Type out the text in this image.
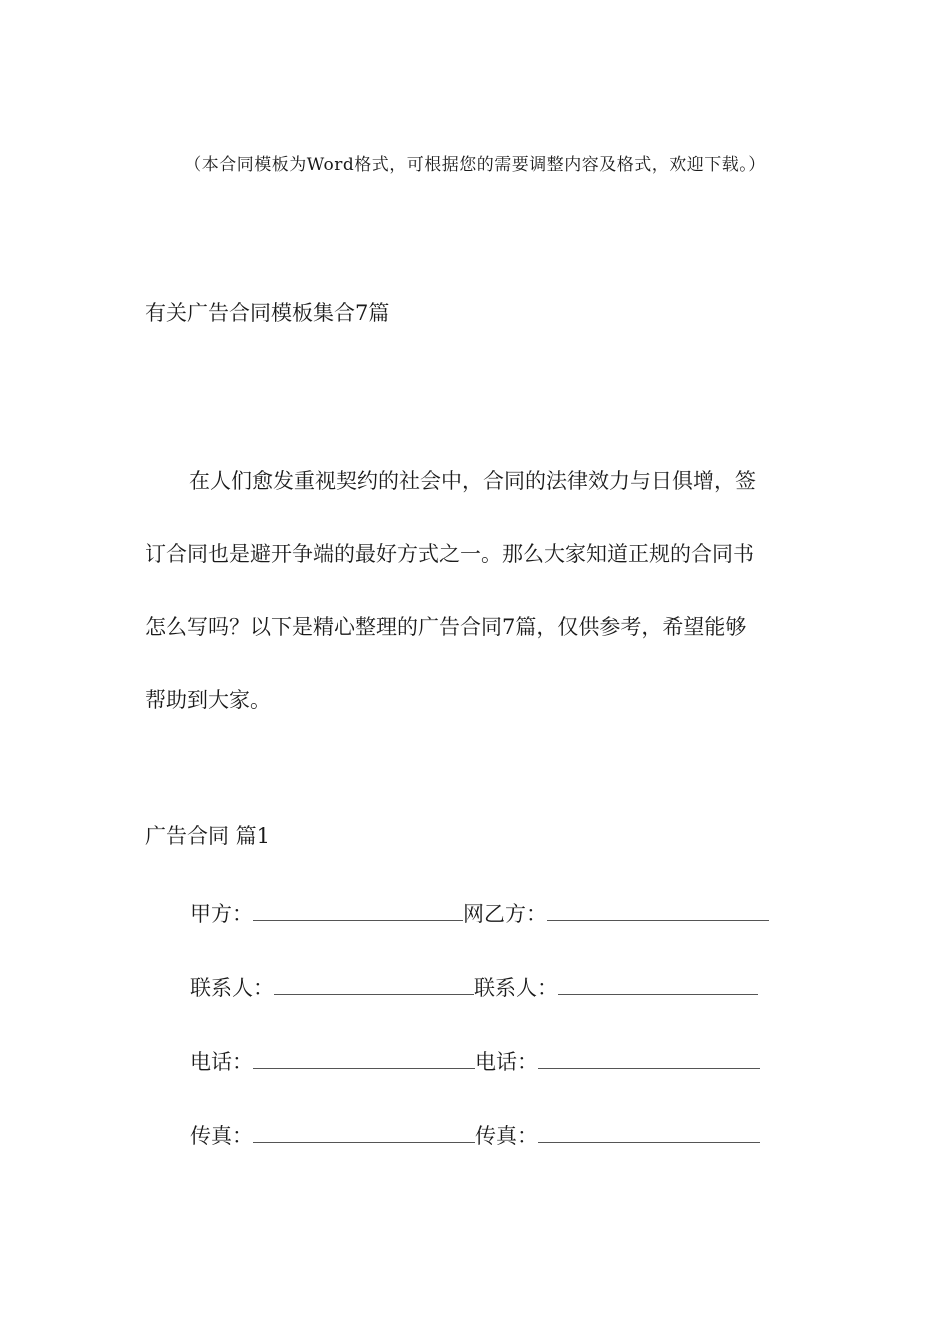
（本合同模板为Word格式，可根据您的需要调整内容及格式，欢迎下载。）
有关广告合同模板集合7篇
在人们愈发重视契约的社会中，合同的法律效力与日俱增，签
订合同也是避开争端的最好方式之一。那么大家知道正规的合同书
怎么写吗？以下是精心整理的广告合同7篇，仅供参考，希望能够
帮助到大家。
广告合同 篇1
甲方：	网乙方：
联系人：	联系人：
电话：	电话：
传真：	传真：
